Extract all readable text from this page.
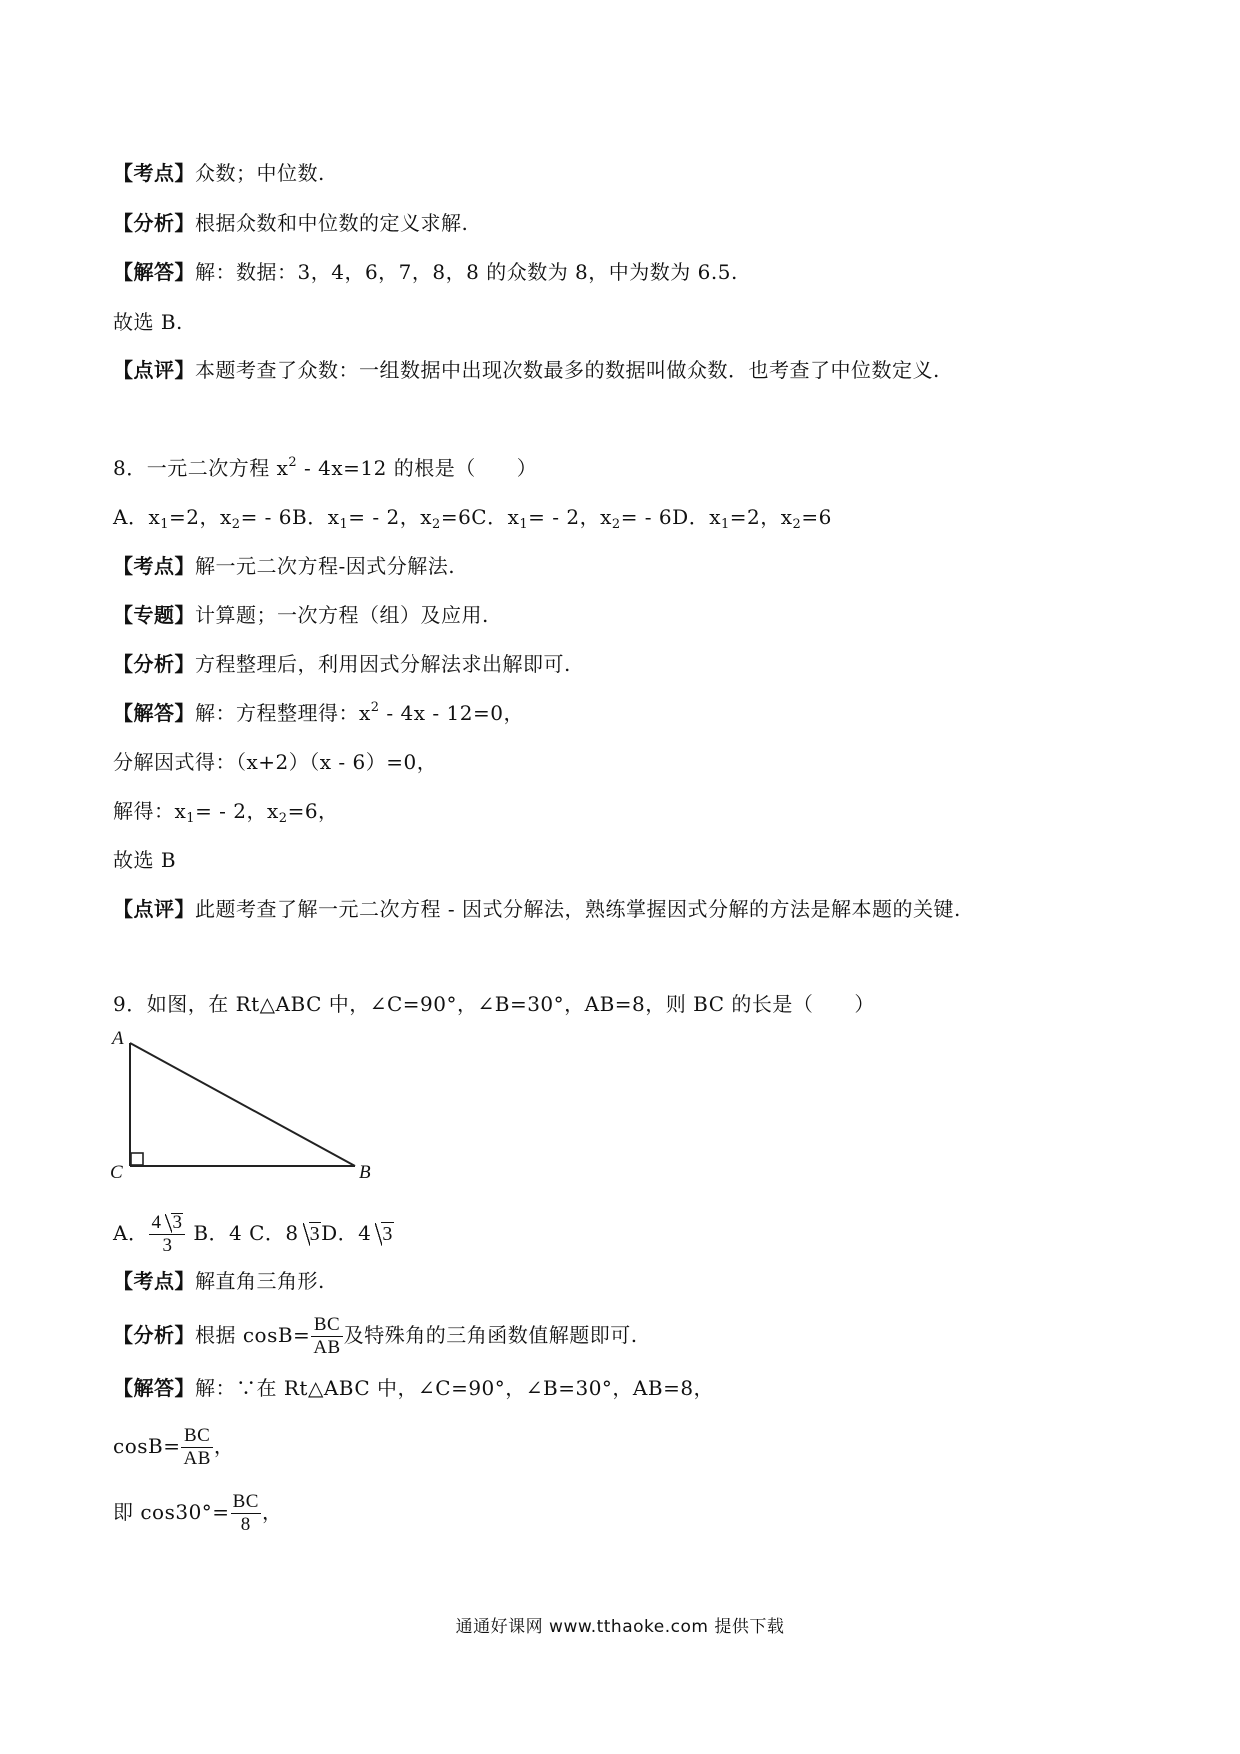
【考点】众数；中位数.
【分析】根据众数和中位数的定义求解.
【解答】解：数据：3，4，6，7，8，8 的众数为 8，中为数为 6.5.
故选 B.
【点评】本题考查了众数：一组数据中出现次数最多的数据叫做众数．也考查了中位数定义.
8．一元二次方程 $x^2 - 4x=12$ 的根是（　　）
A．$x_1=2$，$x_2= - 6B$．$x_1= - 2$，$x_2=6C$．$x_1= - 2$，$x_2= - 6D$．$x_1=2$，$x_2=6$
【考点】解一元二次方程-因式分解法.
【专题】计算题；一次方程（组）及应用.
【分析】方程整理后，利用因式分解法求出解即可.
【解答】解：方程整理得：$x^2 - 4x - 12=0$，
分解因式得：（x+2）（x - 6）=0，
解得：$x_1= - 2$，$x_2=6$，
故选 B
【点评】此题考查了解一元二次方程 - 因式分解法，熟练掌握因式分解的方法是解本题的关键.
9．如图，在 Rt△ABC 中，∠C=90°，∠B=30°，AB=8，则 BC 的长是（　　）
A
C	B
A． $\frac{4 3}{3}$ B．4 C．8 3D．4 3
【考点】解直角三角形.
【分析】根据 $\cos B= \frac{BC}{AB}$ 及特殊角的三角函数值解题即可.
【解答】解：∵在 Rt△ABC 中，∠C=90°，∠B=30°，AB=8，
$\cos B= \frac{BC}{AB}$ ，
即 $\cos 30^\circ= \frac{BC}{8}$ ，
通通好课网 www.tthaoke.com 提供下载
